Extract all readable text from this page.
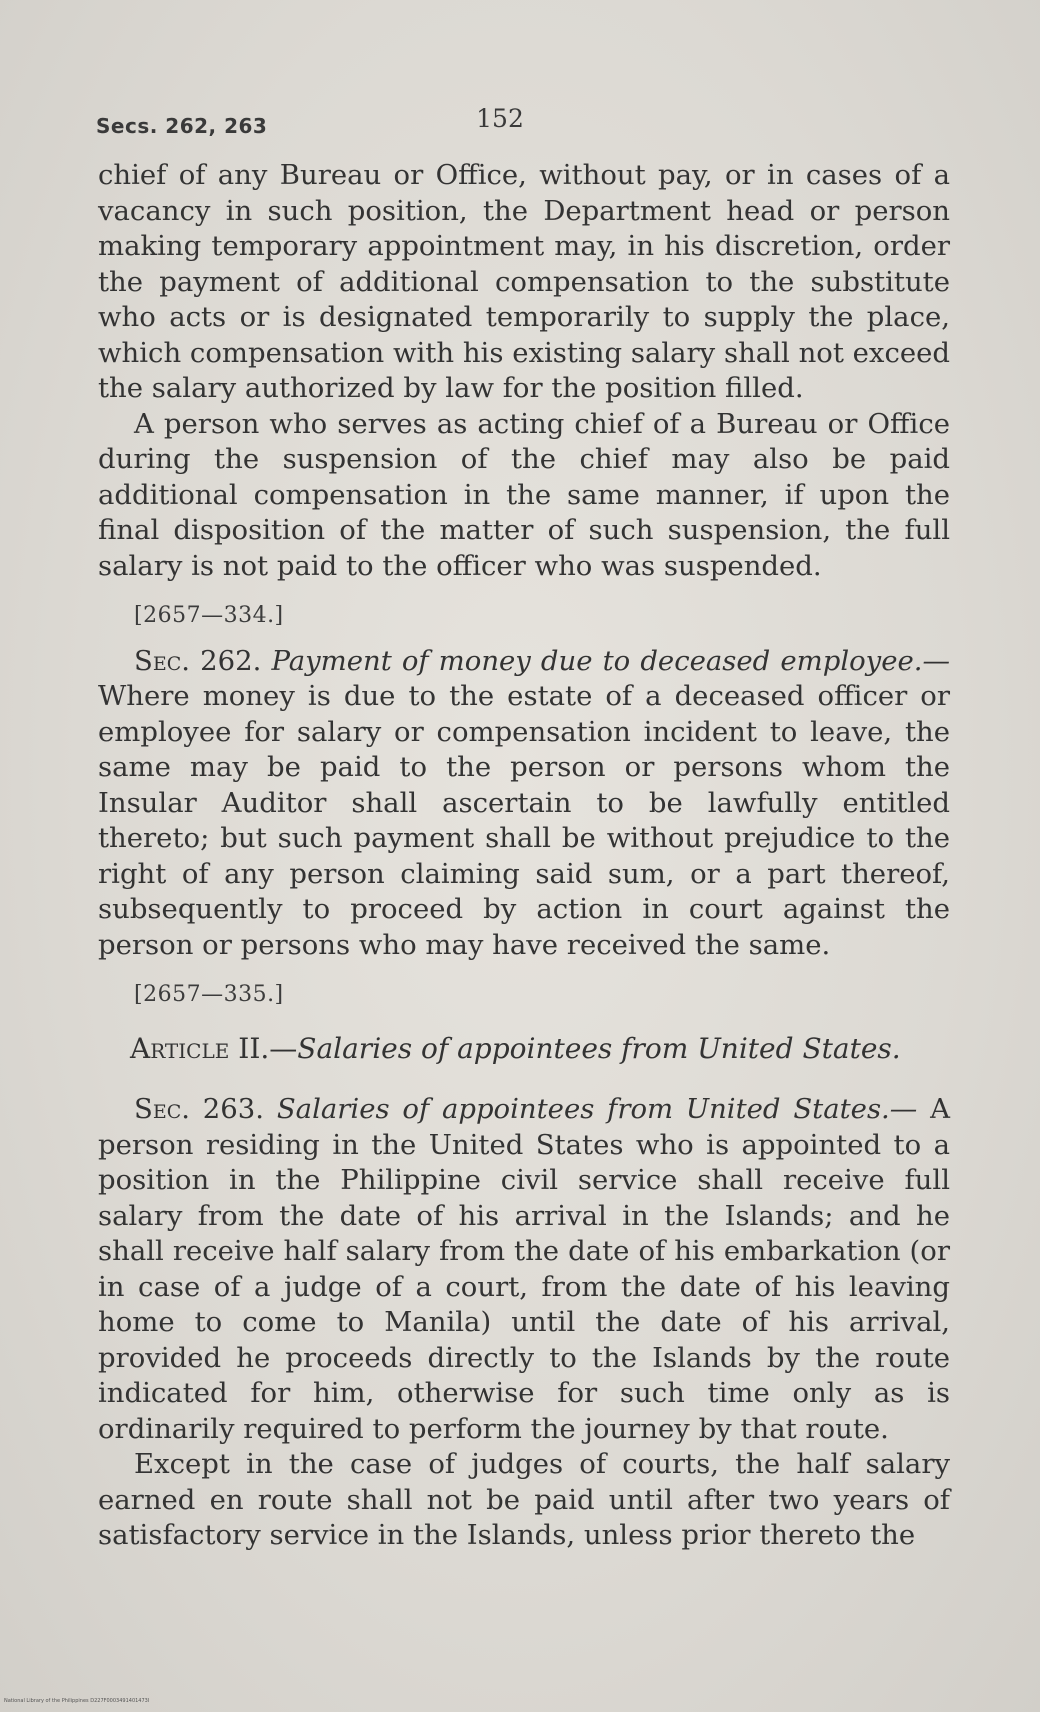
Secs. 262, 263	152

chief of any Bureau or Office, without pay, or in cases of a vacancy in such position, the Department head or person making temporary appointment may, in his discretion, order the payment of additional compensation to the substitute who acts or is designated temporarily to supply the place, which compensation with his existing salary shall not exceed the salary authorized by law for the position filled.

A person who serves as acting chief of a Bureau or Office during the suspension of the chief may also be paid additional compensation in the same manner, if upon the final disposition of the matter of such suspension, the full salary is not paid to the officer who was suspended.

[2657—334.]

Sec. 262. Payment of money due to deceased employee.— Where money is due to the estate of a deceased officer or employee for salary or compensation incident to leave, the same may be paid to the person or persons whom the Insular Auditor shall ascertain to be lawfully entitled thereto; but such payment shall be without prejudice to the right of any person claiming said sum, or a part thereof, subsequently to proceed by action in court against the person or persons who may have received the same.

[2657—335.]
Article II.—Salaries of appointees from United States.

Sec. 263. Salaries of appointees from United States.— A person residing in the United States who is appointed to a position in the Philippine civil service shall receive full salary from the date of his arrival in the Islands; and he shall receive half salary from the date of his embarkation (or in case of a judge of a court, from the date of his leaving home to come to Manila) until the date of his arrival, provided he proceeds directly to the Islands by the route indicated for him, otherwise for such time only as is ordinarily required to perform the journey by that route.

Except in the case of judges of courts, the half salary earned en route shall not be paid until after two years of satisfactory service in the Islands, unless prior thereto the

National Library of the Philippines D227F0003491401473I
